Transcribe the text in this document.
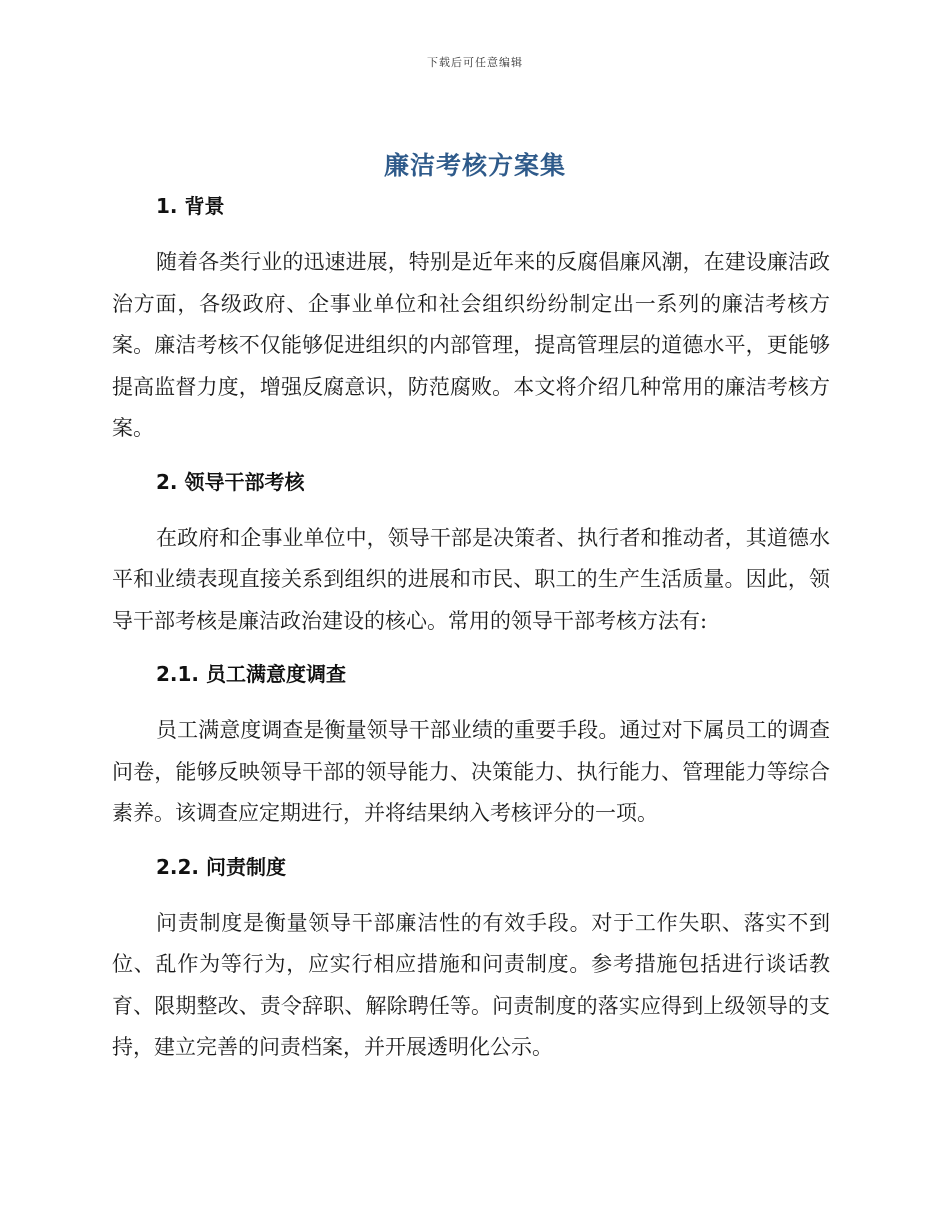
下载后可任意编辑
廉洁考核方案集
1. 背景

随着各类行业的迅速进展，特别是近年来的反腐倡廉风潮，在建设廉洁政治方面，各级政府、企事业单位和社会组织纷纷制定出一系列的廉洁考核方案。廉洁考核不仅能够促进组织的内部管理，提高管理层的道德水平，更能够提高监督力度，增强反腐意识，防范腐败。本文将介绍几种常用的廉洁考核方案。

2. 领导干部考核

在政府和企事业单位中，领导干部是决策者、执行者和推动者，其道德水平和业绩表现直接关系到组织的进展和市民、职工的生产生活质量。因此，领导干部考核是廉洁政治建设的核心。常用的领导干部考核方法有:

2.1. 员工满意度调查

员工满意度调查是衡量领导干部业绩的重要手段。通过对下属员工的调查问卷，能够反映领导干部的领导能力、决策能力、执行能力、管理能力等综合素养。该调查应定期进行，并将结果纳入考核评分的一项。

2.2. 问责制度

问责制度是衡量领导干部廉洁性的有效手段。对于工作失职、落实不到位、乱作为等行为，应实行相应措施和问责制度。参考措施包括进行谈话教育、限期整改、责令辞职、解除聘任等。问责制度的落实应得到上级领导的支持，建立完善的问责档案，并开展透明化公示。
